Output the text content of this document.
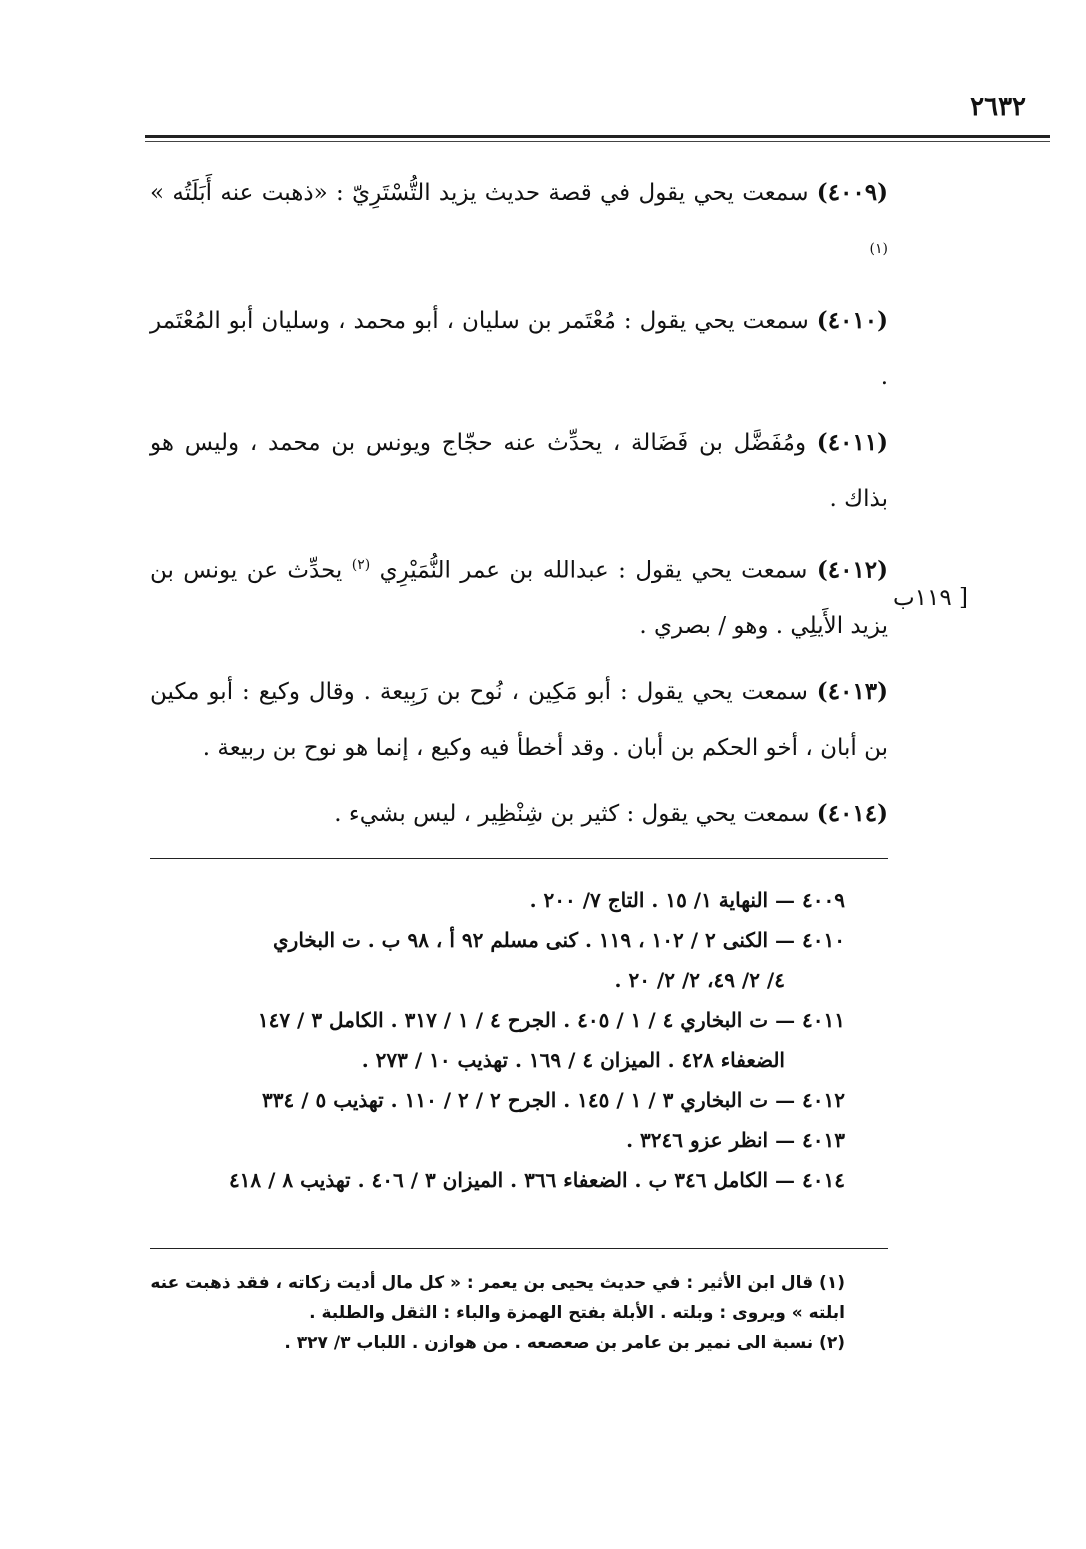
٢٦٣٢
(٤٠٠٩) سمعت يحي يقول في قصة حديث يزيد التُّسْتَرِيّ : «ذهبت عنه أَبَلَتُه » $^{(١)}$
(٤٠١٠) سمعت يحي يقول : مُعْتَمر بن سليان ، أبو محمد ، وسليان أبو المُعْتَمر .
(٤٠١١) ومُفَضَّل بن فَضَالة ، يحدِّث عنه حجّاج ويونس بن محمد ، وليس هو بذاك .
(٤٠١٢) سمعت يحي يقول : عبدالله بن عمر النُّمَيْرِي $^{(٢)}$ يحدِّث عن يونس بن يزيد الأَيلِي . وهو / بصري .
(٤٠١٣) سمعت يحي يقول : أبو مَكِين ، نُوح بن رَبِيعة . وقال وكيع : أبو مكين بن أبان ، أخو الحكم بن أبان . وقد أخطأ فيه وكيع ، إنما هو نوح بن ربيعة .
(٤٠١٤) سمعت يحي يقول : كثير بن شِنْظِير ، ليس بشيء .
[ ١١٩ب
٤٠٠٩ — النهاية ١/ ١٥ . التاج ٧/ ٢٠٠ .
٤٠١٠ — الكنى ٢ / ١٠٢ ، ١١٩ . كنى مسلم ٩٢ أ ، ٩٨ ب . ت البخاري
٤/ ٢/ ٤٩، ٢/ ٢/ ٢٠ .
٤٠١١ — ت البخاري ٤ / ١ / ٤٠٥ . الجرح ٤ / ١ / ٣١٧ . الكامل ٣ / ١٤٧
الضعفاء ٤٢٨ . الميزان ٤ / ١٦٩ . تهذيب ١٠ / ٢٧٣ .
٤٠١٢ — ت البخاري ٣ / ١ / ١٤٥ . الجرح ٢ / ٢ / ١١٠ . تهذيب ٥ / ٣٣٤
٤٠١٣ — انظر عزو ٣٢٤٦ .
٤٠١٤ — الكامل ٣٤٦ ب . الضعفاء ٣٦٦ . الميزان ٣ / ٤٠٦ . تهذيب ٨ / ٤١٨
(١) قال ابن الأثير : في حديث يحيى بن يعمر : « كل مال أديت زكاته ، فقد ذهبت عنه ابلته » ويروى : وبلته . الأبلة بفتح الهمزة والباء : الثقل والطلبة .
(٢) نسبة الى نمير بن عامر بن صعصعه . من هوازن . اللباب ٣/ ٣٢٧ .
